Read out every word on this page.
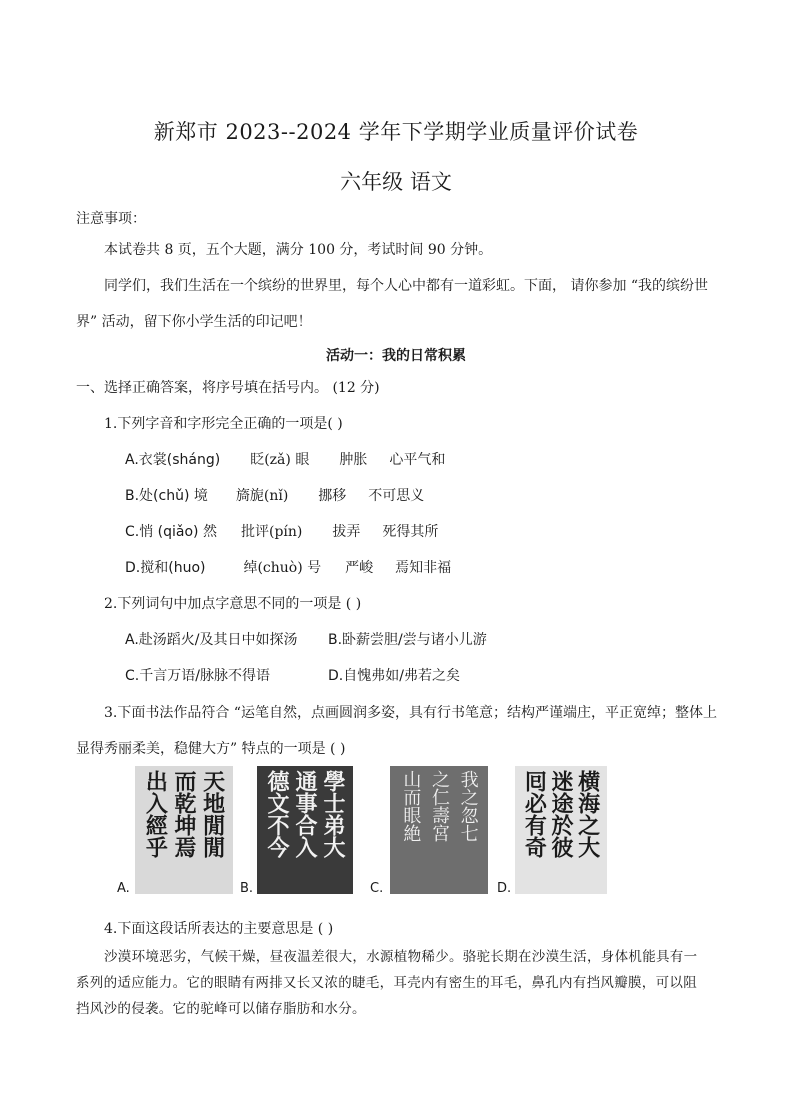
新郑市 2023--2024 学年下学期学业质量评价试卷
六年级 语文
注意事项：
本试卷共 8 页，五个大题，满分 100 分，考试时间 90 分钟。
同学们，我们生活在一个缤纷的世界里，每个人心中都有一道彩虹。下面， 请你参加 “我的缤纷世
界” 活动，留下你小学生活的印记吧！
活动一：我的日常积累
一、选择正确答案，将序号填在括号内。 (12 分)
1.下列字音和字形完全正确的一项是( )
A.衣裳(sháng) 眨(zǎ) 眼 肿胀 心平气和
B.处(chǔ) 境 旖旎(nǐ) 挪移 不可思义
C.悄 (qiǎo) 然 批评(pín) 拔弄 死得其所
D.搅和(huo)	绰(chuò) 号 严峻 焉知非福
2.下列词句中加点字意思不同的一项是 ( )
A.赴汤蹈火/及其日中如探汤 B.卧薪尝胆/尝与诸小儿游
C.千言万语/脉脉不得语	D.自愧弗如/弗若之矣
3.下面书法作品符合 “运笔自然，点画圆润多姿，具有行书笔意；结构严谨端庄，平正宽绰；整体上
显得秀丽柔美，稳健大方” 特点的一项是 ( )
A.
天地閒閒
而乾坤焉
出入經乎
B.
學士弟大
通事合入
德文不今
C.
我之忽七
之仁壽宮
山而眼絶
D.
横海之大
迷途於彼
囘必有奇
4.下面这段话所表达的主要意思是 ( )
沙漠环境恶劣，气候干燥，昼夜温差很大，水源植物稀少。骆驼长期在沙漠生活，身体机能具有一
系列的适应能力。它的眼睛有两排又长又浓的睫毛，耳壳内有密生的耳毛，鼻孔内有挡风瓣膜，可以阻
挡风沙的侵袭。它的驼峰可以储存脂肪和水分。
